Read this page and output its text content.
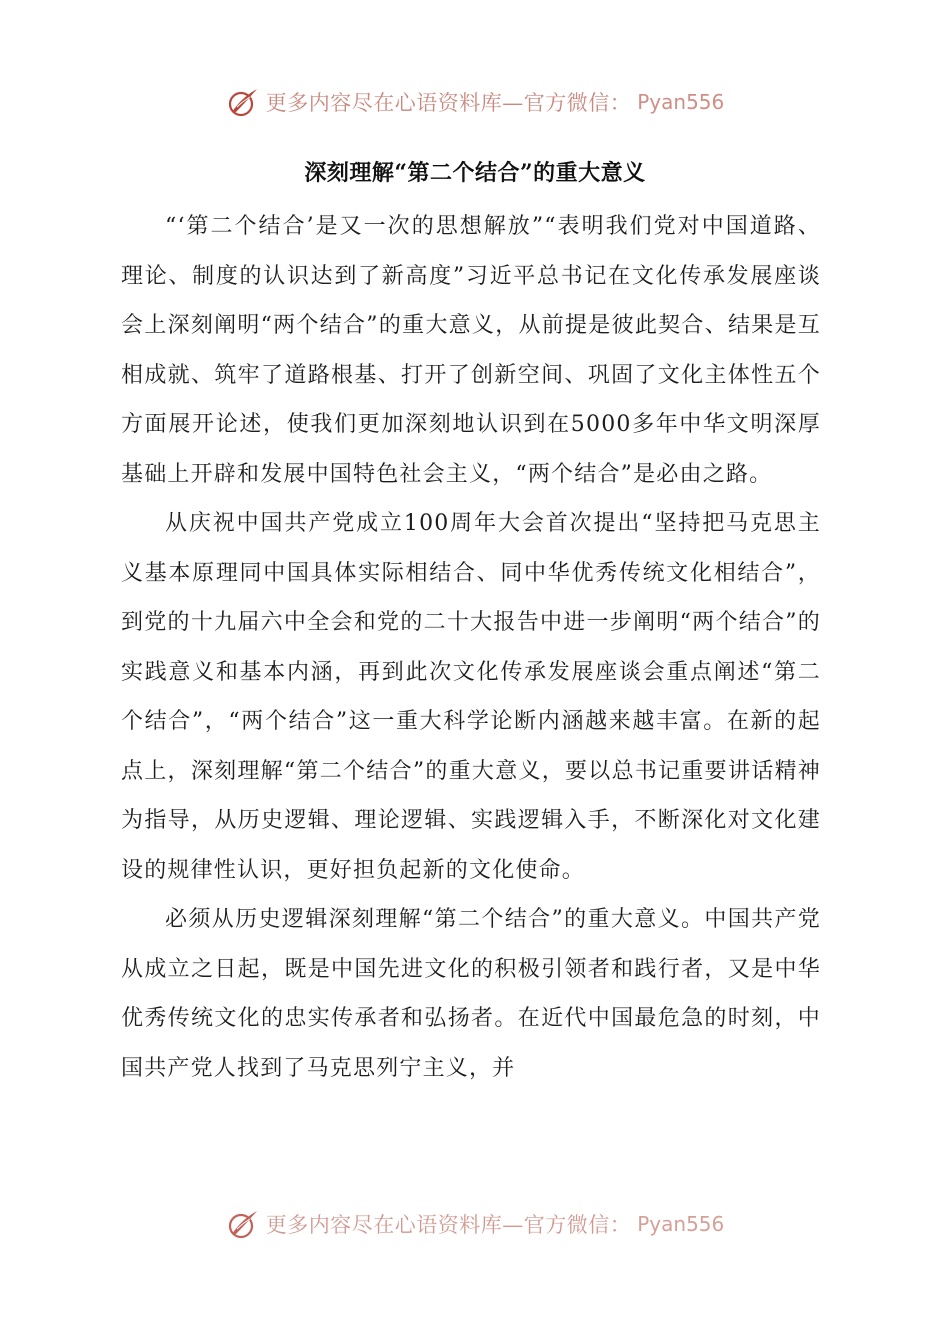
更多内容尽在心语资料库—官方微信： Pyan556
深刻理解“第二个结合”的重大意义

“‘第二个结合’是又一次的思想解放”“表明我们党对中国道路、理论、制度的认识达到了新高度”习近平总书记在文化传承发展座谈会上深刻阐明“两个结合”的重大意义，从前提是彼此契合、结果是互相成就、筑牢了道路根基、打开了创新空间、巩固了文化主体性五个方面展开论述，使我们更加深刻地认识到在5000多年中华文明深厚基础上开辟和发展中国特色社会主义，“两个结合”是必由之路。

从庆祝中国共产党成立100周年大会首次提出“坚持把马克思主义基本原理同中国具体实际相结合、同中华优秀传统文化相结合”，到党的十九届六中全会和党的二十大报告中进一步阐明“两个结合”的实践意义和基本内涵，再到此次文化传承发展座谈会重点阐述“第二个结合”，“两个结合”这一重大科学论断内涵越来越丰富。在新的起点上，深刻理解“第二个结合”的重大意义，要以总书记重要讲话精神为指导，从历史逻辑、理论逻辑、实践逻辑入手，不断深化对文化建设的规律性认识，更好担负起新的文化使命。

必须从历史逻辑深刻理解“第二个结合”的重大意义。中国共产党从成立之日起，既是中国先进文化的积极引领者和践行者，又是中华优秀传统文化的忠实传承者和弘扬者。在近代中国最危急的时刻，中国共产党人找到了马克思列宁主义，并

更多内容尽在心语资料库—官方微信： Pyan556
